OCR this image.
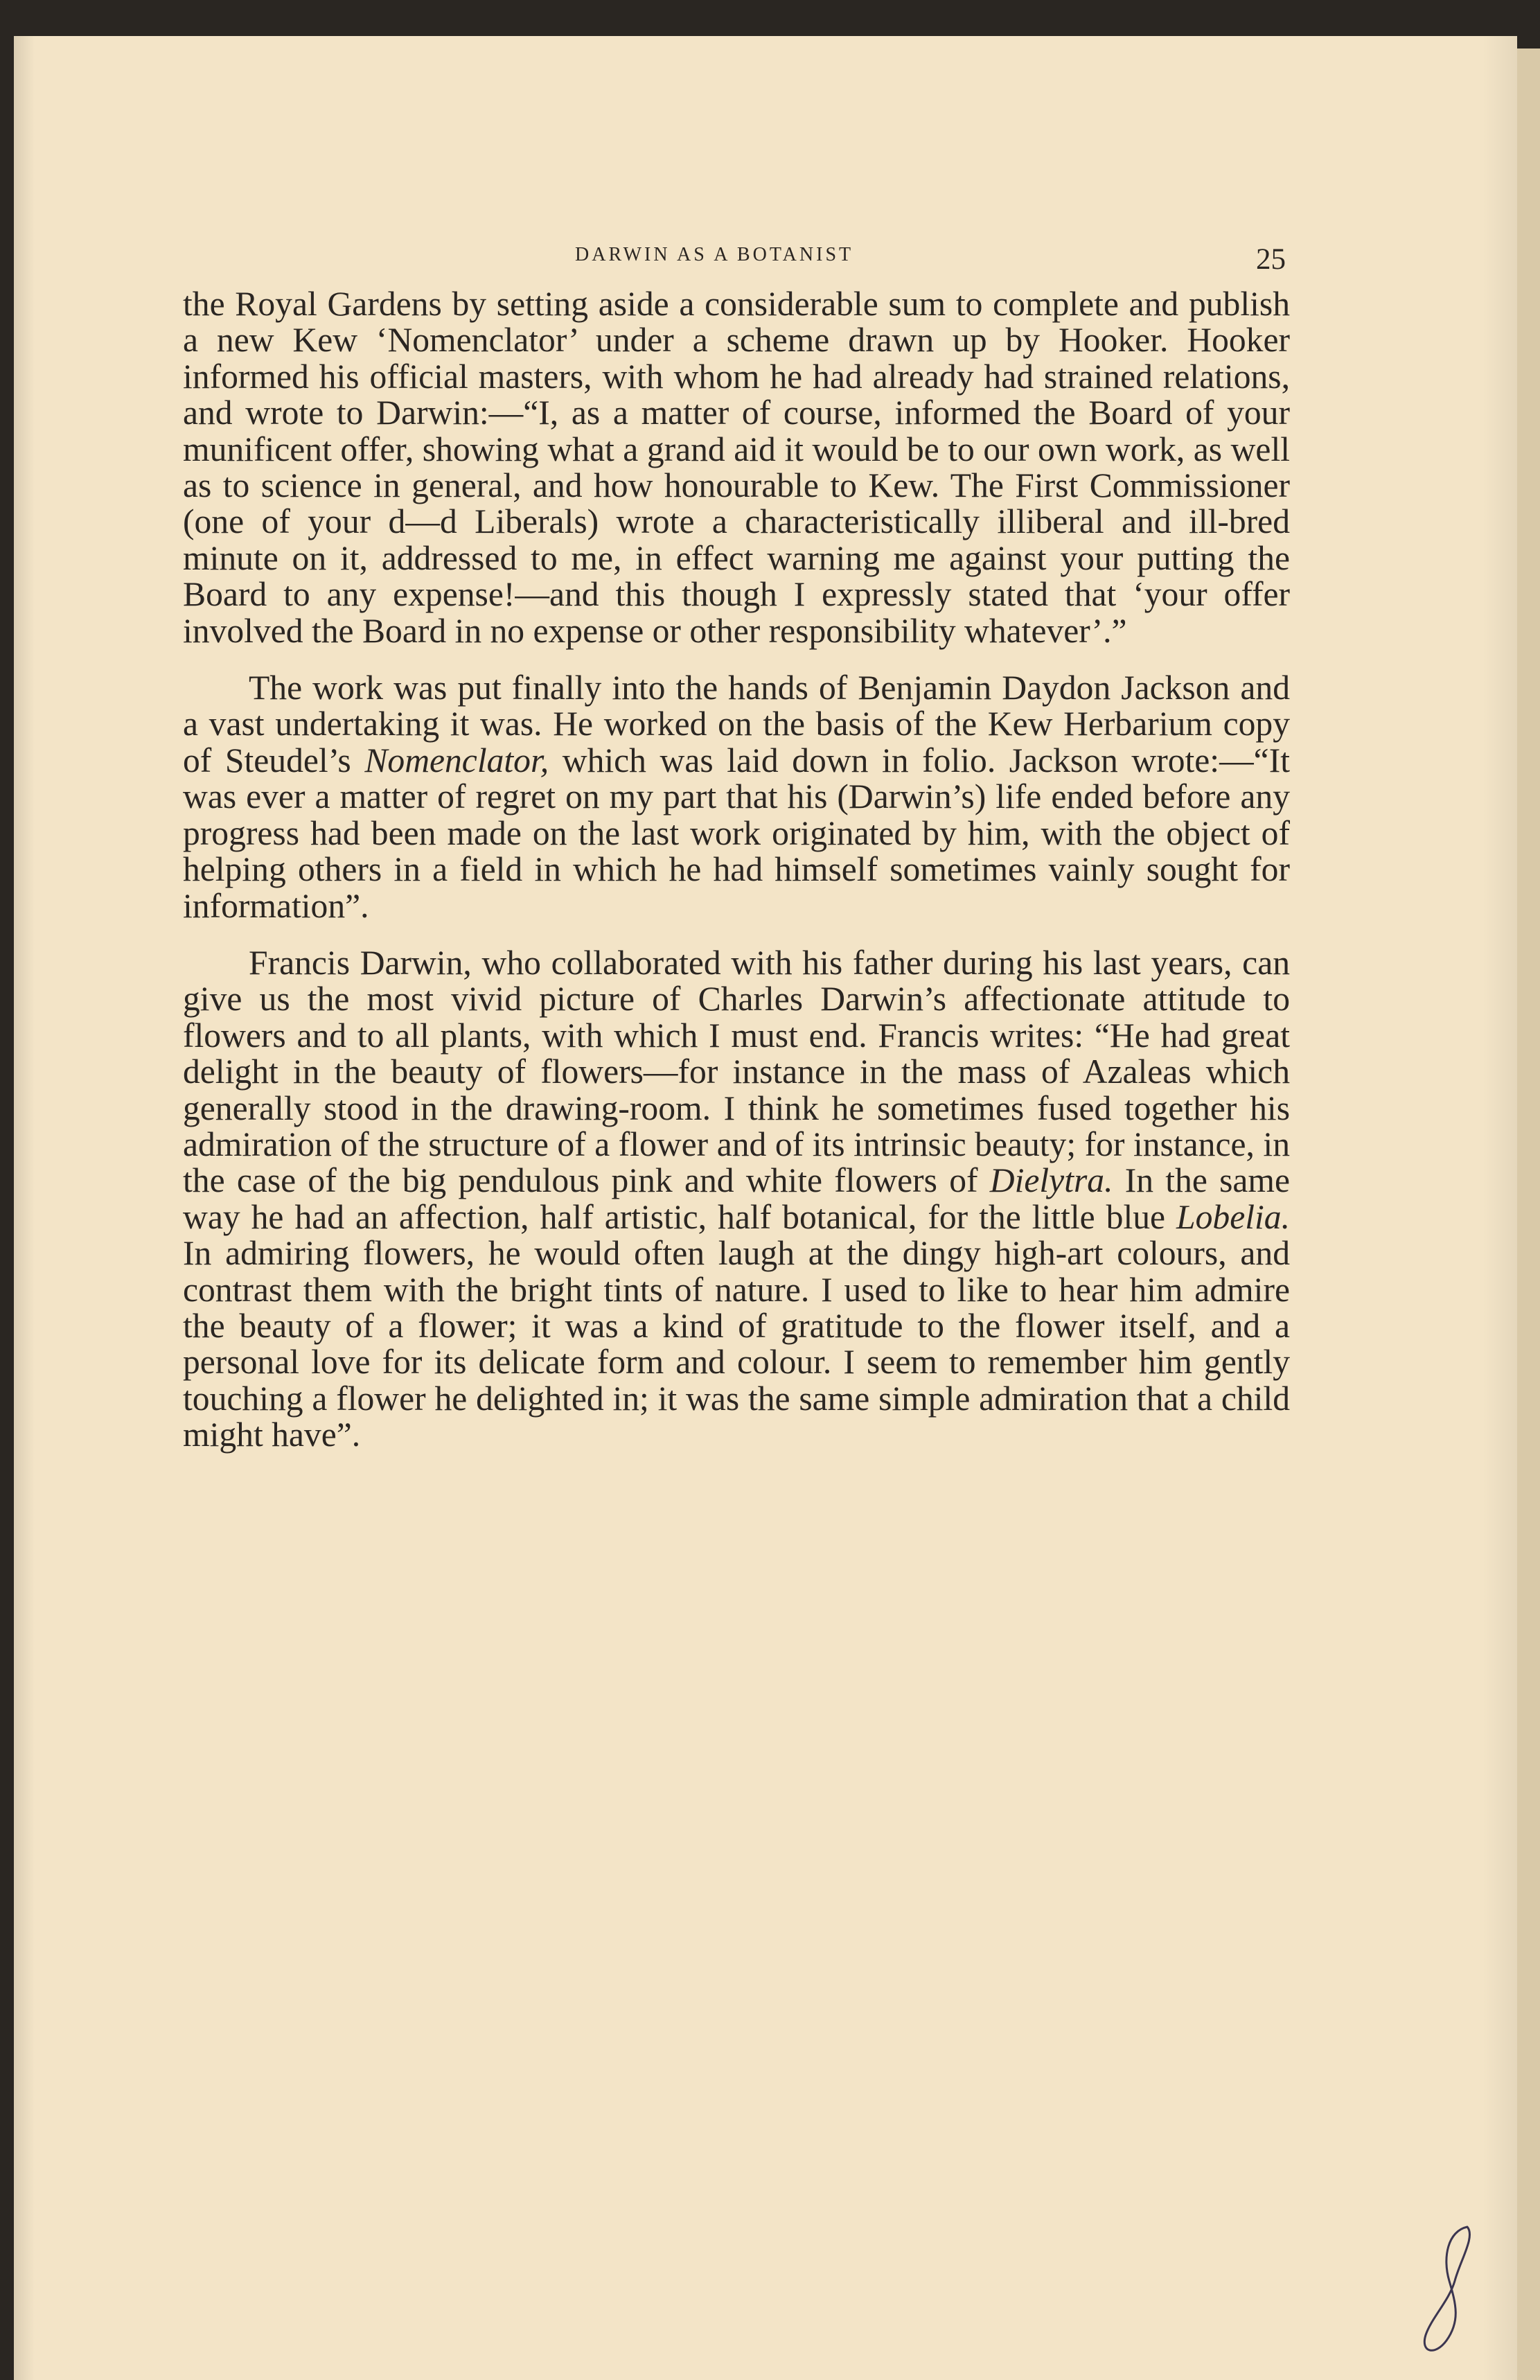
DARWIN AS A BOTANIST	25

the Royal Gardens by setting aside a considerable sum to complete and publish a new Kew ‘Nomenclator’ under a scheme drawn up by Hooker. Hooker informed his official masters, with whom he had already had strained relations, and wrote to Darwin:—“I, as a matter of course, informed the Board of your munificent offer, showing what a grand aid it would be to our own work, as well as to science in general, and how honourable to Kew. The First Commissioner (one of your d—d Liberals) wrote a characteristically illiberal and ill-bred minute on it, addressed to me, in effect warning me against your putting the Board to any expense!—and this though I expressly stated that ‘your offer involved the Board in no expense or other responsibility whatever’.”

The work was put finally into the hands of Benjamin Daydon Jackson and a vast undertaking it was. He worked on the basis of the Kew Herbarium copy of Steudel’s Nomenclator, which was laid down in folio. Jackson wrote:—“It was ever a matter of regret on my part that his (Darwin’s) life ended before any progress had been made on the last work originated by him, with the object of helping others in a field in which he had himself sometimes vainly sought for information”.

Francis Darwin, who collaborated with his father during his last years, can give us the most vivid picture of Charles Darwin’s affectionate attitude to flowers and to all plants, with which I must end. Francis writes: “He had great delight in the beauty of flowers—for instance in the mass of Azaleas which generally stood in the drawing-room. I think he sometimes fused together his admiration of the structure of a flower and of its intrinsic beauty; for instance, in the case of the big pendulous pink and white flowers of Dielytra. In the same way he had an affection, half artistic, half botanical, for the little blue Lobelia. In admiring flowers, he would often laugh at the dingy high-art colours, and contrast them with the bright tints of nature. I used to like to hear him admire the beauty of a flower; it was a kind of gratitude to the flower itself, and a personal love for its delicate form and colour. I seem to remember him gently touching a flower he delighted in; it was the same simple admiration that a child might have”.
